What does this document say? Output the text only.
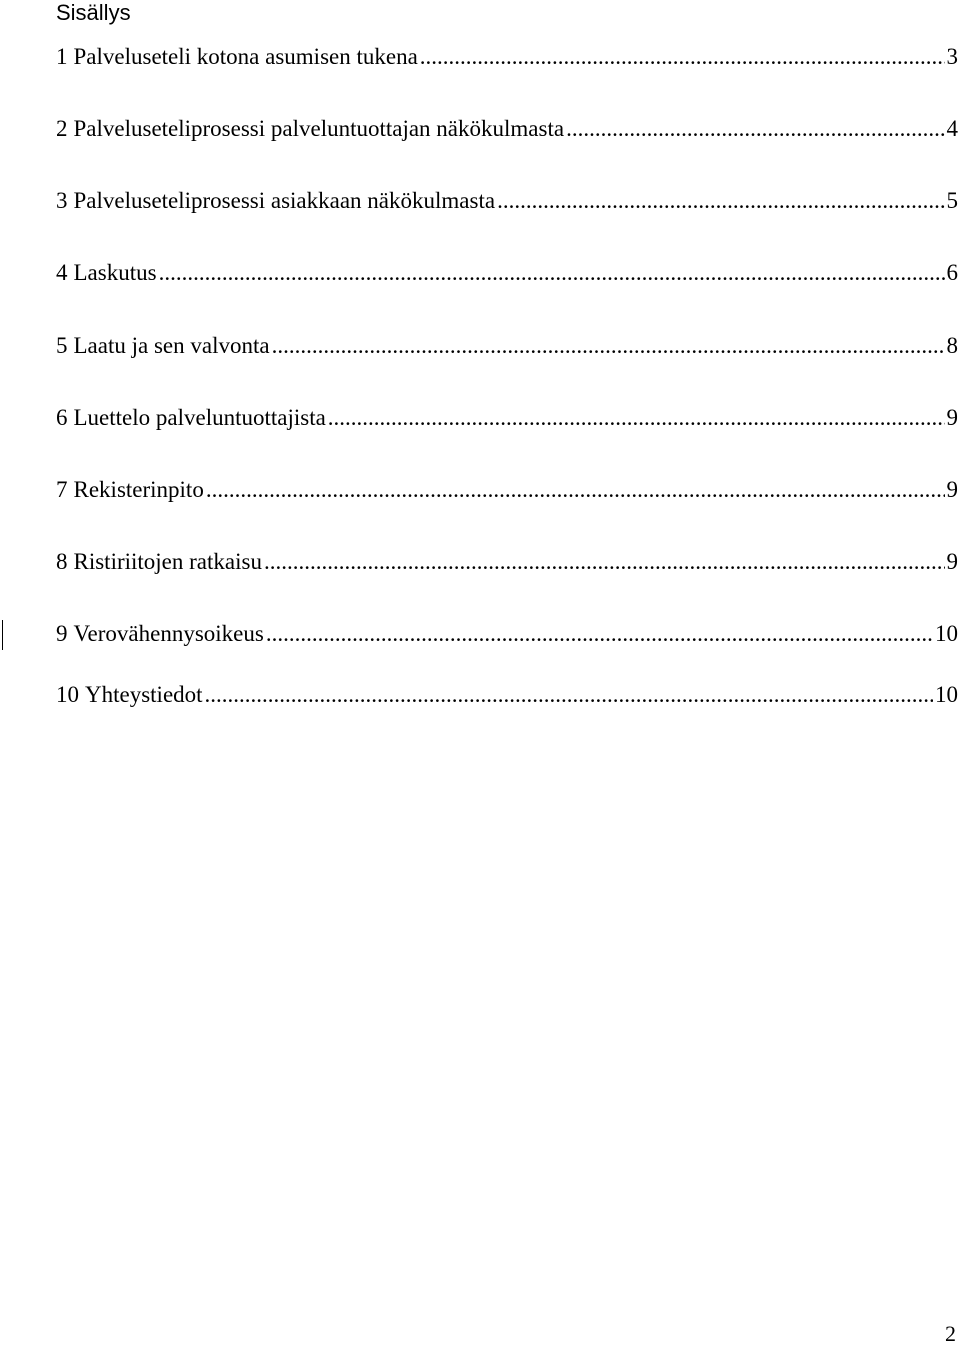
Sisällys
1 Palveluseteli kotona asumisen tukena .....	3
2 Palveluseteliprosessi palveluntuottajan näkökulmasta .....	4
3 Palveluseteliprosessi asiakkaan näkökulmasta .....	5
4 Laskutus .....	6
5 Laatu ja sen valvonta .....	8
6 Luettelo palveluntuottajista .....	9
7 Rekisterinpito .....	9
8 Ristiriitojen ratkaisu .....	9
9 Verovähennysoikeus .....	10
10 Yhteystiedot .....	10
2
